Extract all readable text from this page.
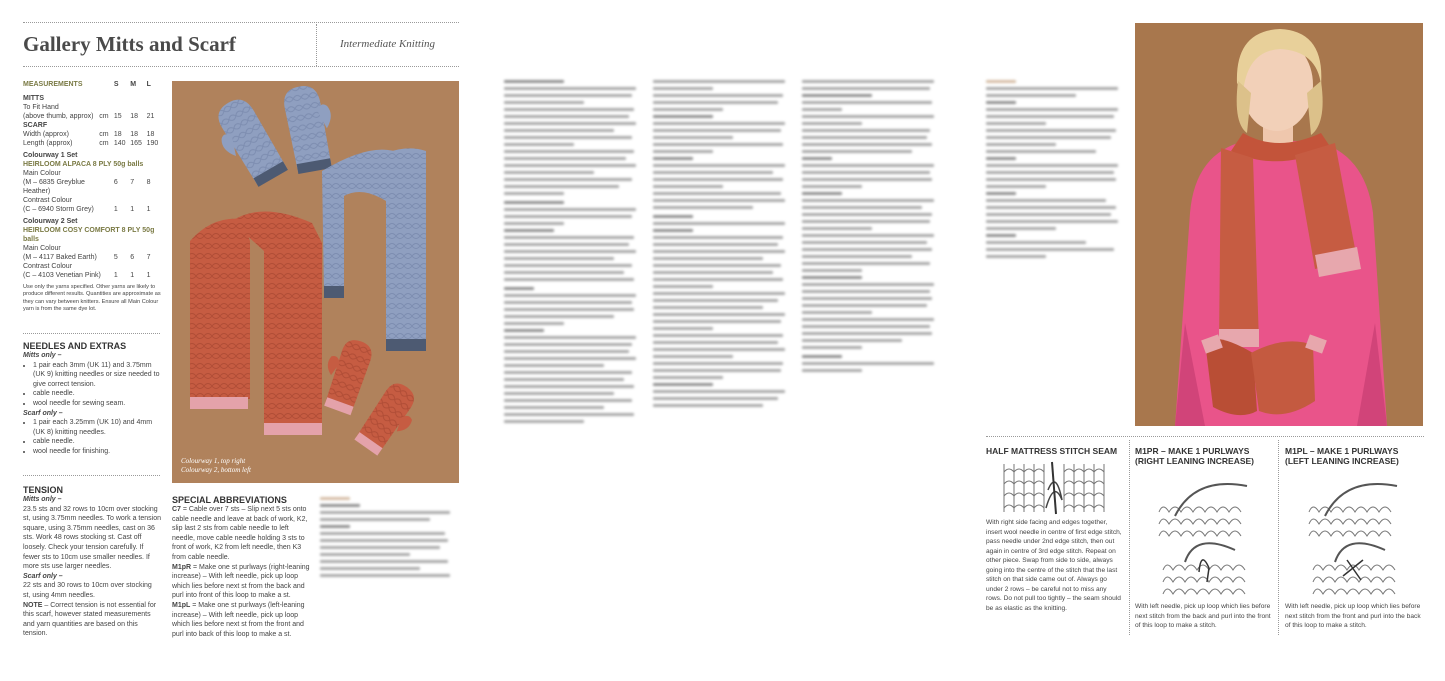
Gallery Mitts and Scarf	Intermediate Knitting
MEASUREMENTS		S	M	L

MITTS				
To Fit Hand				
(above thumb, approx)	cm	15	18	21
SCARF				
Width (approx)	cm	18	18	18
Length (approx)	cm	140	165	190

Colourway 1 Set				
HEIRLOOM ALPACA 8 PLY 50g balls				
Main Colour				
(M – 6835 Greyblue Heather)		6	7	8
Contrast Colour				
(C – 6940 Storm Grey)		1	1	1

Colourway 2 Set				
HEIRLOOM COSY COMFORT 8 PLY 50g balls				
Main Colour				
(M – 4117 Baked Earth)		5	6	7
Contrast Colour				
(C – 4103 Venetian Pink)		1	1	1
Use only the yarns specified. Other yarns are likely to produce different results. Quantities are approximate as they can vary between knitters. Ensure all Main Colour yarn is from the same dye lot.
NEEDLES AND EXTRAS
Mitts only –
• 1 pair each 3mm (UK 11) and 3.75mm (UK 9) knitting needles or size needed to give correct tension.
• cable needle.
• wool needle for sewing seam.
Scarf only –
• 1 pair each 3.25mm (UK 10) and 4mm (UK 8) knitting needles.
• cable needle.
• wool needle for finishing.
TENSION
Mitts only –
23.5 sts and 32 rows to 10cm over stocking st, using 3.75mm needles. To work a tension square, using 3.75mm needles, cast on 36 sts. Work 48 rows stocking st. Cast off loosely. Check your tension carefully. If fewer sts to 10cm use smaller needles. If more sts use larger needles.
Scarf only –
22 sts and 30 rows to 10cm over stocking st, using 4mm needles.
NOTE – Correct tension is not essential for this scarf, however stated measurements and yarn quantities are based on this tension.
Colourway 1, top right
Colourway 2, bottom left
SPECIAL ABBREVIATIONS
C7 = Cable over 7 sts – Slip next 5 sts onto cable needle and leave at back of work, K2, slip last 2 sts from cable needle to left needle, move cable needle holding 3 sts to front of work, K2 from left needle, then K3 from cable needle.
M1pR = Make one st purlways (right-leaning increase) – With left needle, pick up loop which lies before next st from the back and purl into front of this loop to make a st.
M1pL = Make one st purlways (left-leaning increase) – With left needle, pick up loop which lies before next st from the front and purl into back of this loop to make a st.
HALF MATTRESS STITCH SEAM
With right side facing and edges together, insert wool needle in centre of first edge stitch, pass needle under 2nd edge stitch, then out again in centre of 3rd edge stitch. Repeat on other piece. Swap from side to side, always going into the centre of the stitch that the last stitch on that side came out of. Always go under 2 rows – be careful not to miss any rows. Do not pull too tightly – the seam should be as elastic as the knitting.
M1PR – MAKE 1 PURLWAYS (RIGHT LEANING INCREASE)
With left needle, pick up loop which lies before next stitch from the back and purl into the front of this loop to make a stitch.
M1PL – MAKE 1 PURLWAYS (LEFT LEANING INCREASE)
With left needle, pick up loop which lies before next stitch from the front and purl into the back of this loop to make a stitch.
